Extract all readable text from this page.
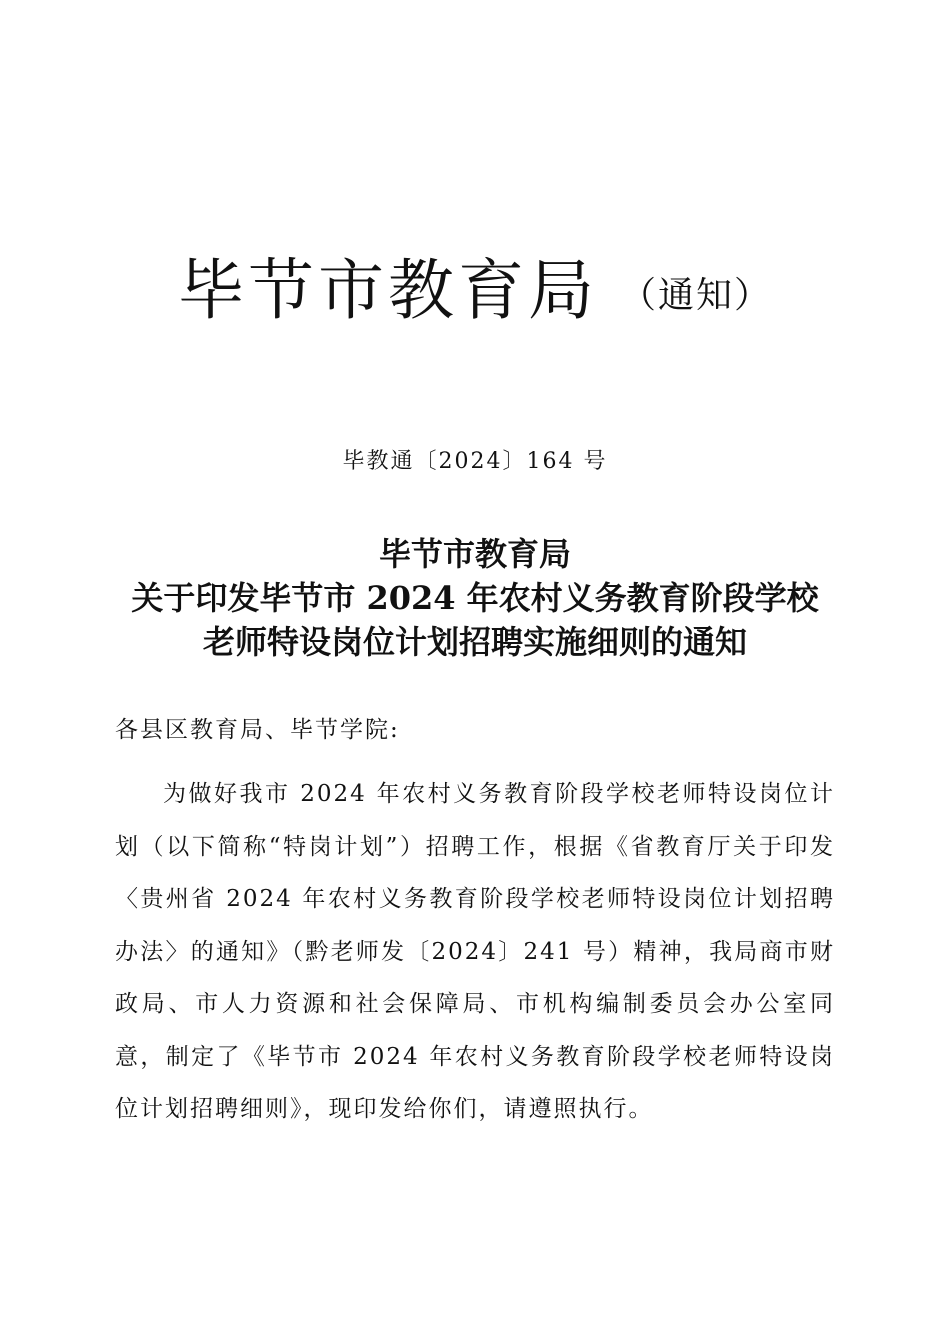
毕节市教育局 （通知）
毕教通〔2024〕164 号
毕节市教育局
关于印发毕节市 2024 年农村义务教育阶段学校
老师特设岗位计划招聘实施细则的通知
各县区教育局、毕节学院:

为做好我市 2024 年农村义务教育阶段学校老师特设岗位计划（以下简称“特岗计划”）招聘工作，根据《省教育厅关于印发〈贵州省 2024 年农村义务教育阶段学校老师特设岗位计划招聘办法〉的通知》（黔老师发〔2024〕241 号）精神，我局商市财政局、市人力资源和社会保障局、市机构编制委员会办公室同意，制定了《毕节市 2024 年农村义务教育阶段学校老师特设岗位计划招聘细则》，现印发给你们，请遵照执行。
